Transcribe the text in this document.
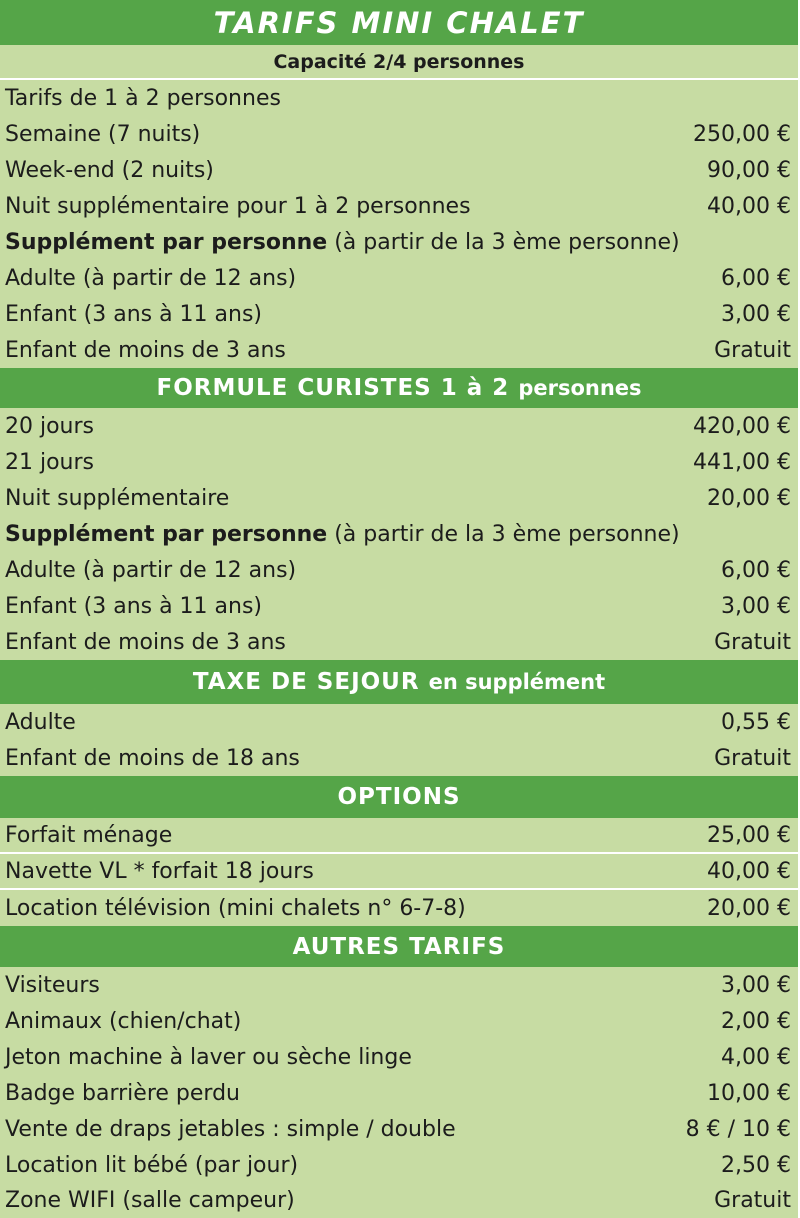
TARIFS MINI CHALET
Capacité 2/4 personnes
Tarifs de 1 à 2 personnes
Semaine (7 nuits)	250,00 €
Week-end (2 nuits)	90,00 €
Nuit supplémentaire pour 1 à 2 personnes	40,00 €
Supplément par personne (à partir de la 3 ème personne)
Adulte (à partir de 12 ans)	6,00 €
Enfant (3 ans à 11 ans)	3,00 €
Enfant de moins de 3 ans	Gratuit
FORMULE CURISTES 1 à 2 personnes
20 jours	420,00 €
21 jours	441,00 €
Nuit supplémentaire	20,00 €
Supplément par personne (à partir de la 3 ème personne)
Adulte (à partir de 12 ans)	6,00 €
Enfant (3 ans à 11 ans)	3,00 €
Enfant de moins de 3 ans	Gratuit
TAXE DE SEJOUR en supplément
Adulte	0,55 €
Enfant de moins de 18 ans	Gratuit
OPTIONS
Forfait ménage	25,00 €
Navette VL * forfait 18 jours	40,00 €
Location télévision (mini chalets n° 6-7-8)	20,00 €
AUTRES TARIFS
Visiteurs	3,00 €
Animaux (chien/chat)	2,00 €
Jeton machine à laver ou sèche linge	4,00 €
Badge barrière perdu	10,00 €
Vente de draps jetables : simple / double	8 € / 10 €
Location lit bébé (par jour)	2,50 €
Zone WIFI (salle campeur)	Gratuit
